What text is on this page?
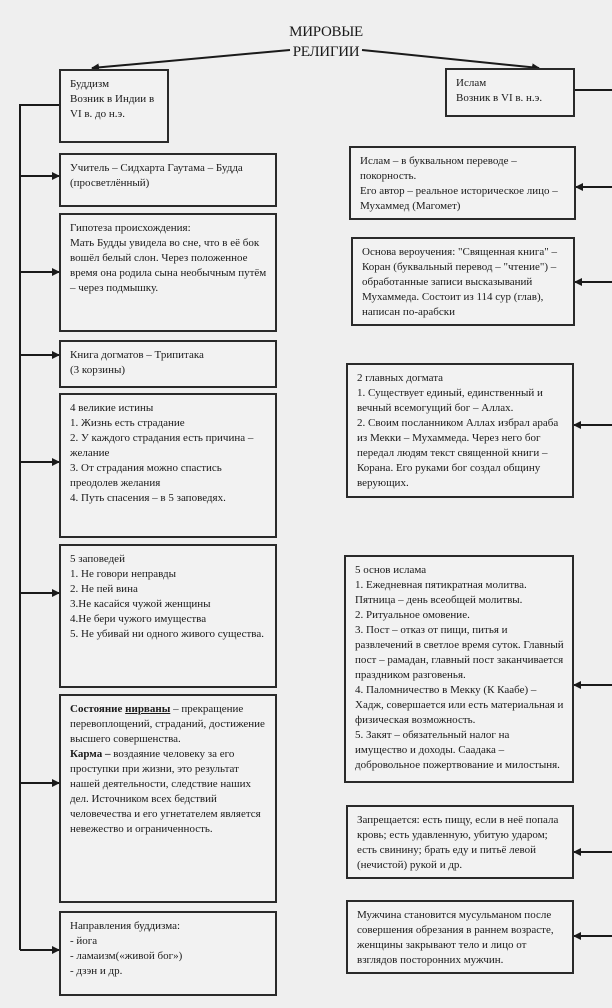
МИРОВЫЕ
РЕЛИГИИ

Буддизм

Возник в Индии в

VI в. до н.э.

Учитель – Сидхарта Гаутама – Будда (просветлённый)

Гипотеза происхождения:

Мать Будды увидела во сне, что в её бок вошёл белый слон. Через положенное время она родила сына необычным путём – через подмышку.

Книга догматов – Трипитака

(3 корзины)

4 великие истины

1. Жизнь есть страдание

2. У каждого страдания есть причина – желание

3. От страдания можно спастись преодолев желания

4. Путь спасения – в 5 заповедях.

5 заповедей

1. Не говори неправды

2. Не пей вина

3.Не касайся чужой женщины

4.Не бери чужого имущества

5. Не убивай ни одного живого существа.

Состояние нирваны – прекращение перевоплощений, страданий, достижение высшего совершенства.

Карма – воздаяние человеку за его проступки при жизни, это результат нашей деятельности, следствие наших дел. Источником всех бедствий человечества и его угнетателем является невежество и ограниченность.

Направления буддизма:

- йога

- ламаизм(«живой бог»)

- дзэн и др.

Ислам

Возник в VI в. н.э.

Ислам – в буквальном переводе – покорность.

Его автор – реальное историческое лицо – Мухаммед (Магомет)

Основа вероучения: "Священная книга" – Коран (буквальный перевод – "чтение") – обработанные записи высказываний Мухаммеда. Состоит из 114 сур (глав), написан по-арабски

2 главных догмата

1. Существует единый, единственный и вечный всемогущий бог – Аллах.

2. Своим посланником Аллах избрал араба из Мекки – Мухаммеда. Через него бог передал людям текст священной книги – Корана. Его руками бог создал общину верующих.

5 основ ислама

1. Ежедневная пятикратная молитва. Пятница – день всеобщей молитвы.

2. Ритуальное омовение.

3. Пост – отказ от пищи, питья и развлечений в светлое время суток. Главный пост – рамадан, главный пост заканчивается праздником разговенья.

4. Паломничество в Мекку (К Каабе) – Хадж, совершается или есть материальная и физическая возможность.

5. Закят – обязательный налог на имущество и доходы. Саадака – добровольное пожертвование и милостыня.

Запрещается: есть пищу, если в неё попала кровь; есть удавленную, убитую ударом; есть свинину; брать еду и питьё левой (нечистой) рукой и др.

Мужчина становится мусульманом после совершения обрезания в раннем возрасте, женщины закрывают тело и лицо от взглядов посторонних мужчин.
